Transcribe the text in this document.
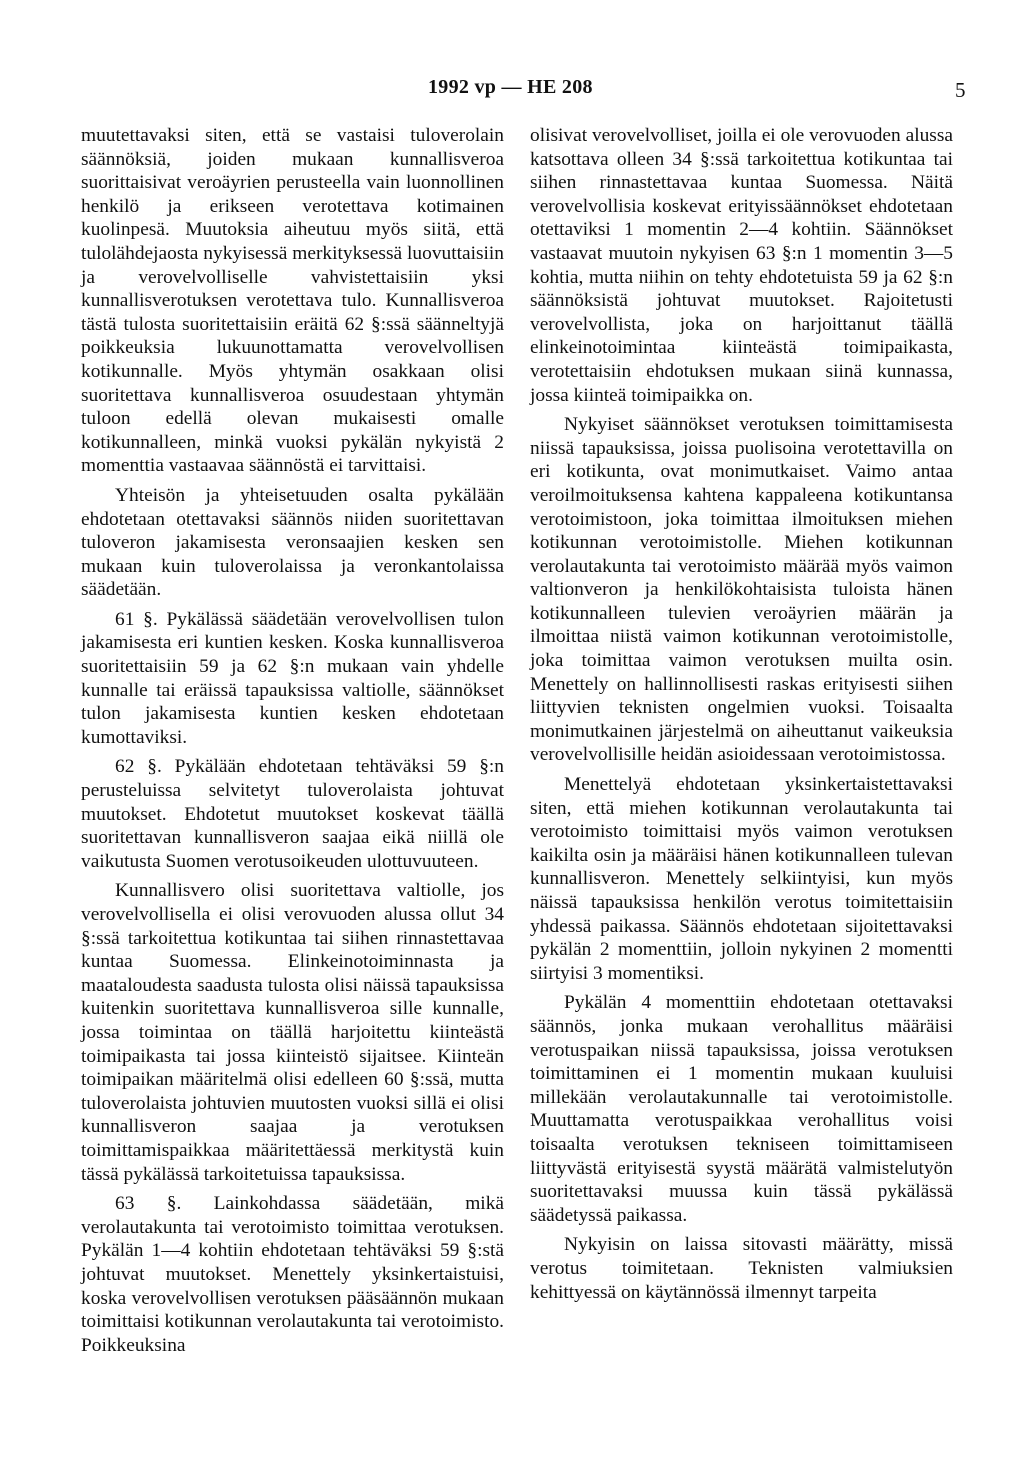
1992 vp — HE 208	5

muutettavaksi siten, että se vastaisi tuloverolain säännöksiä, joiden mukaan kunnallisveroa suorittaisivat veroäyrien perusteella vain luonnollinen henkilö ja erikseen verotettava kotimainen kuolinpesä. Muutoksia aiheutuu myös siitä, että tulolähdejaosta nykyisessä merkityksessä luovuttaisiin ja verovelvolliselle vahvistettaisiin yksi kunnallisverotuksen verotettava tulo. Kunnallisveroa tästä tulosta suoritettaisiin eräitä 62 §:ssä säänneltyjä poikkeuksia lukuunottamatta verovelvollisen kotikunnalle. Myös yhtymän osakkaan olisi suoritettava kunnallisveroa osuudestaan yhtymän tuloon edellä olevan mukaisesti omalle kotikunnalleen, minkä vuoksi pykälän nykyistä 2 momenttia vastaavaa säännöstä ei tarvittaisi.

Yhteisön ja yhteisetuuden osalta pykälään ehdotetaan otettavaksi säännös niiden suoritettavan tuloveron jakamisesta veronsaajien kesken sen mukaan kuin tuloverolaissa ja veronkantolaissa säädetään.

61 §. Pykälässä säädetään verovelvollisen tulon jakamisesta eri kuntien kesken. Koska kunnallisveroa suoritettaisiin 59 ja 62 §:n mukaan vain yhdelle kunnalle tai eräissä tapauksissa valtiolle, säännökset tulon jakamisesta kuntien kesken ehdotetaan kumottaviksi.

62 §. Pykälään ehdotetaan tehtäväksi 59 §:n perusteluissa selvitetyt tuloverolaista johtuvat muutokset. Ehdotetut muutokset koskevat täällä suoritettavan kunnallisveron saajaa eikä niillä ole vaikutusta Suomen verotusoikeuden ulottuvuuteen.

Kunnallisvero olisi suoritettava valtiolle, jos verovelvollisella ei olisi verovuoden alussa ollut 34 §:ssä tarkoitettua kotikuntaa tai siihen rinnastettavaa kuntaa Suomessa. Elinkeinotoiminnasta ja maataloudesta saadusta tulosta olisi näissä tapauksissa kuitenkin suoritettava kunnallisveroa sille kunnalle, jossa toimintaa on täällä harjoitettu kiinteästä toimipaikasta tai jossa kiinteistö sijaitsee. Kiinteän toimipaikan määritelmä olisi edelleen 60 §:ssä, mutta tuloverolaista johtuvien muutosten vuoksi sillä ei olisi kunnallisveron saajaa ja verotuksen toimittamispaikkaa määritettäessä merkitystä kuin tässä pykälässä tarkoitetuissa tapauksissa.

63 §. Lainkohdassa säädetään, mikä verolautakunta tai verotoimisto toimittaa verotuksen. Pykälän 1—4 kohtiin ehdotetaan tehtäväksi 59 §:stä johtuvat muutokset. Menettely yksinkertaistuisi, koska verovelvollisen verotuksen pääsäännön mukaan toimittaisi kotikunnan verolautakunta tai verotoimisto. Poikkeuksina

olisivat verovelvolliset, joilla ei ole verovuoden alussa katsottava olleen 34 §:ssä tarkoitettua kotikuntaa tai siihen rinnastettavaa kuntaa Suomessa. Näitä verovelvollisia koskevat erityissäännökset ehdotetaan otettaviksi 1 momentin 2—4 kohtiin. Säännökset vastaavat muutoin nykyisen 63 §:n 1 momentin 3—5 kohtia, mutta niihin on tehty ehdotetuista 59 ja 62 §:n säännöksistä johtuvat muutokset. Rajoitetusti verovelvollista, joka on harjoittanut täällä elinkeinotoimintaa kiinteästä toimipaikasta, verotettaisiin ehdotuksen mukaan siinä kunnassa, jossa kiinteä toimipaikka on.

Nykyiset säännökset verotuksen toimittamisesta niissä tapauksissa, joissa puolisoina verotettavilla on eri kotikunta, ovat monimutkaiset. Vaimo antaa veroilmoituksensa kahtena kappaleena kotikuntansa verotoimistoon, joka toimittaa ilmoituksen miehen kotikunnan verotoimistolle. Miehen kotikunnan verolautakunta tai verotoimisto määrää myös vaimon valtionveron ja henkilökohtaisista tuloista hänen kotikunnalleen tulevien veroäyrien määrän ja ilmoittaa niistä vaimon kotikunnan verotoimistolle, joka toimittaa vaimon verotuksen muilta osin. Menettely on hallinnollisesti raskas erityisesti siihen liittyvien teknisten ongelmien vuoksi. Toisaalta monimutkainen järjestelmä on aiheuttanut vaikeuksia verovelvollisille heidän asioidessaan verotoimistossa.

Menettelyä ehdotetaan yksinkertaistettavaksi siten, että miehen kotikunnan verolautakunta tai verotoimisto toimittaisi myös vaimon verotuksen kaikilta osin ja määräisi hänen kotikunnalleen tulevan kunnallisveron. Menettely selkiintyisi, kun myös näissä tapauksissa henkilön verotus toimitettaisiin yhdessä paikassa. Säännös ehdotetaan sijoitettavaksi pykälän 2 momenttiin, jolloin nykyinen 2 momentti siirtyisi 3 momentiksi.

Pykälän 4 momenttiin ehdotetaan otettavaksi säännös, jonka mukaan verohallitus määräisi verotuspaikan niissä tapauksissa, joissa verotuksen toimittaminen ei 1 momentin mukaan kuuluisi millekään verolautakunnalle tai verotoimistolle. Muuttamatta verotuspaikkaa verohallitus voisi toisaalta verotuksen tekniseen toimittamiseen liittyvästä erityisestä syystä määrätä valmistelutyön suoritettavaksi muussa kuin tässä pykälässä säädetyssä paikassa.

Nykyisin on laissa sitovasti määrätty, missä verotus toimitetaan. Teknisten valmiuksien kehittyessä on käytännössä ilmennyt tarpeita
